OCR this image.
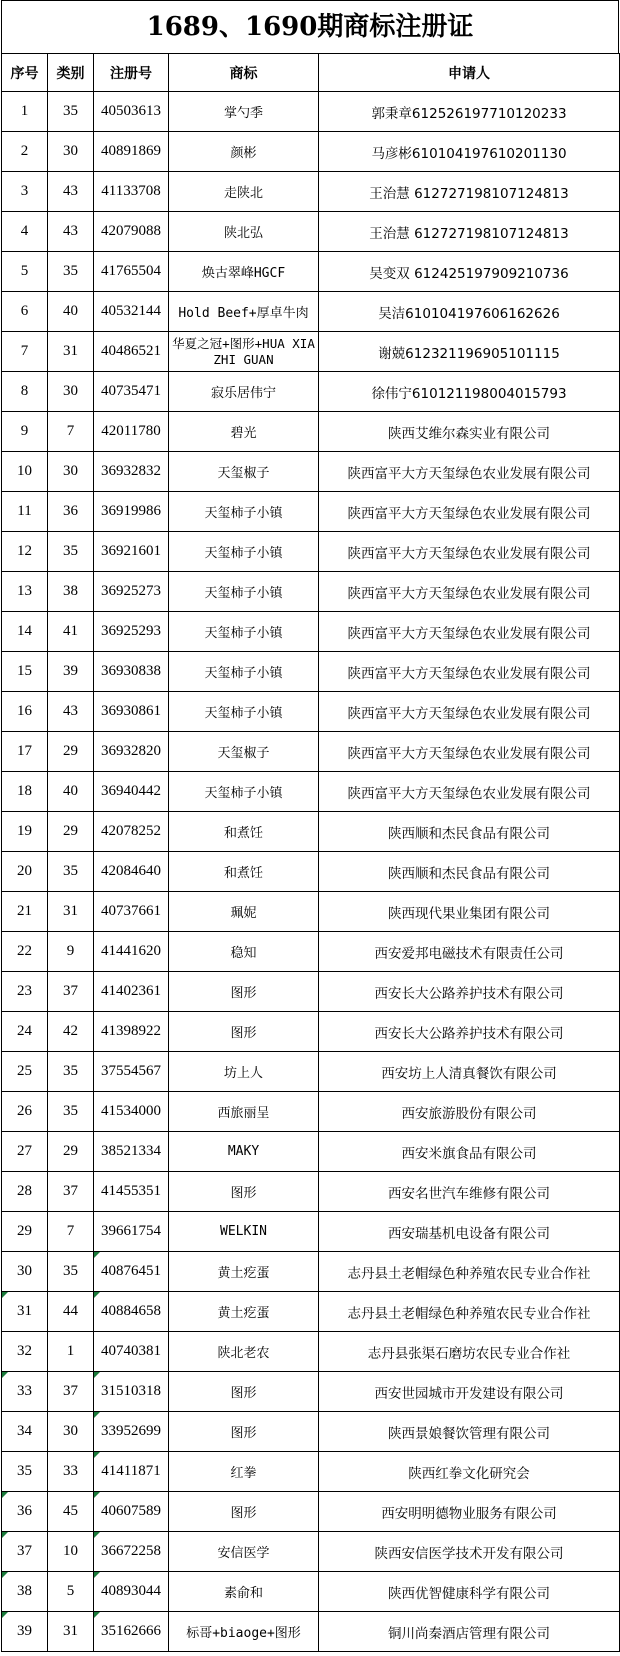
1689、1690期商标注册证
序号	类别	注册号	商标	申请人
1	35	40503613	掌勺季	郭秉章612526197710120233
2	30	40891869	颜彬	马彦彬610104197610201130
3	43	41133708	走陕北	王治慧 612727198107124813
4	43	42079088	陕北弘	王治慧 612727198107124813
5	35	41765504	焕古翠峰HGCF	吴变双 612425197909210736
6	40	40532144	Hold Beef+厚卓牛肉	吴洁610104197606162626
7	31	40486521	华夏之冠+图形+HUA XIA ZHI GUAN	谢兢612321196905101115
8	30	40735471	寂乐居伟宁	徐伟宁610121198004015793
9	7	42011780	碧光	陕西艾维尔森实业有限公司
10	30	36932832	天玺椒子	陕西富平大方天玺绿色农业发展有限公司
11	36	36919986	天玺柿子小镇	陕西富平大方天玺绿色农业发展有限公司
12	35	36921601	天玺柿子小镇	陕西富平大方天玺绿色农业发展有限公司
13	38	36925273	天玺柿子小镇	陕西富平大方天玺绿色农业发展有限公司
14	41	36925293	天玺柿子小镇	陕西富平大方天玺绿色农业发展有限公司
15	39	36930838	天玺柿子小镇	陕西富平大方天玺绿色农业发展有限公司
16	43	36930861	天玺柿子小镇	陕西富平大方天玺绿色农业发展有限公司
17	29	36932820	天玺椒子	陕西富平大方天玺绿色农业发展有限公司
18	40	36940442	天玺柿子小镇	陕西富平大方天玺绿色农业发展有限公司
19	29	42078252	和煮饪	陕西顺和杰民食品有限公司
20	35	42084640	和煮饪	陕西顺和杰民食品有限公司
21	31	40737661	珮妮	陕西现代果业集团有限公司
22	9	41441620	稳知	西安爱邦电磁技术有限责任公司
23	37	41402361	图形	西安长大公路养护技术有限公司
24	42	41398922	图形	西安长大公路养护技术有限公司
25	35	37554567	坊上人	西安坊上人清真餐饮有限公司
26	35	41534000	西旅丽呈	西安旅游股份有限公司
27	29	38521334	MAKY	西安米旗食品有限公司
28	37	41455351	图形	西安名世汽车维修有限公司
29	7	39661754	WELKIN	西安瑞基机电设备有限公司
30	35	40876451	黄土疙蛋	志丹县土老帽绿色种养殖农民专业合作社
31	44	40884658	黄土疙蛋	志丹县土老帽绿色种养殖农民专业合作社
32	1	40740381	陕北老农	志丹县张渠石磨坊农民专业合作社
33	37	31510318	图形	西安世园城市开发建设有限公司
34	30	33952699	图形	陕西景娘餐饮管理有限公司
35	33	41411871	红拳	陕西红拳文化研究会
36	45	40607589	图形	西安明明德物业服务有限公司
37	10	36672258	安信医学	陕西安信医学技术开发有限公司
38	5	40893044	素俞和	陕西优智健康科学有限公司
39	31	35162666	标哥+biaoge+图形	铜川尚秦酒店管理有限公司
